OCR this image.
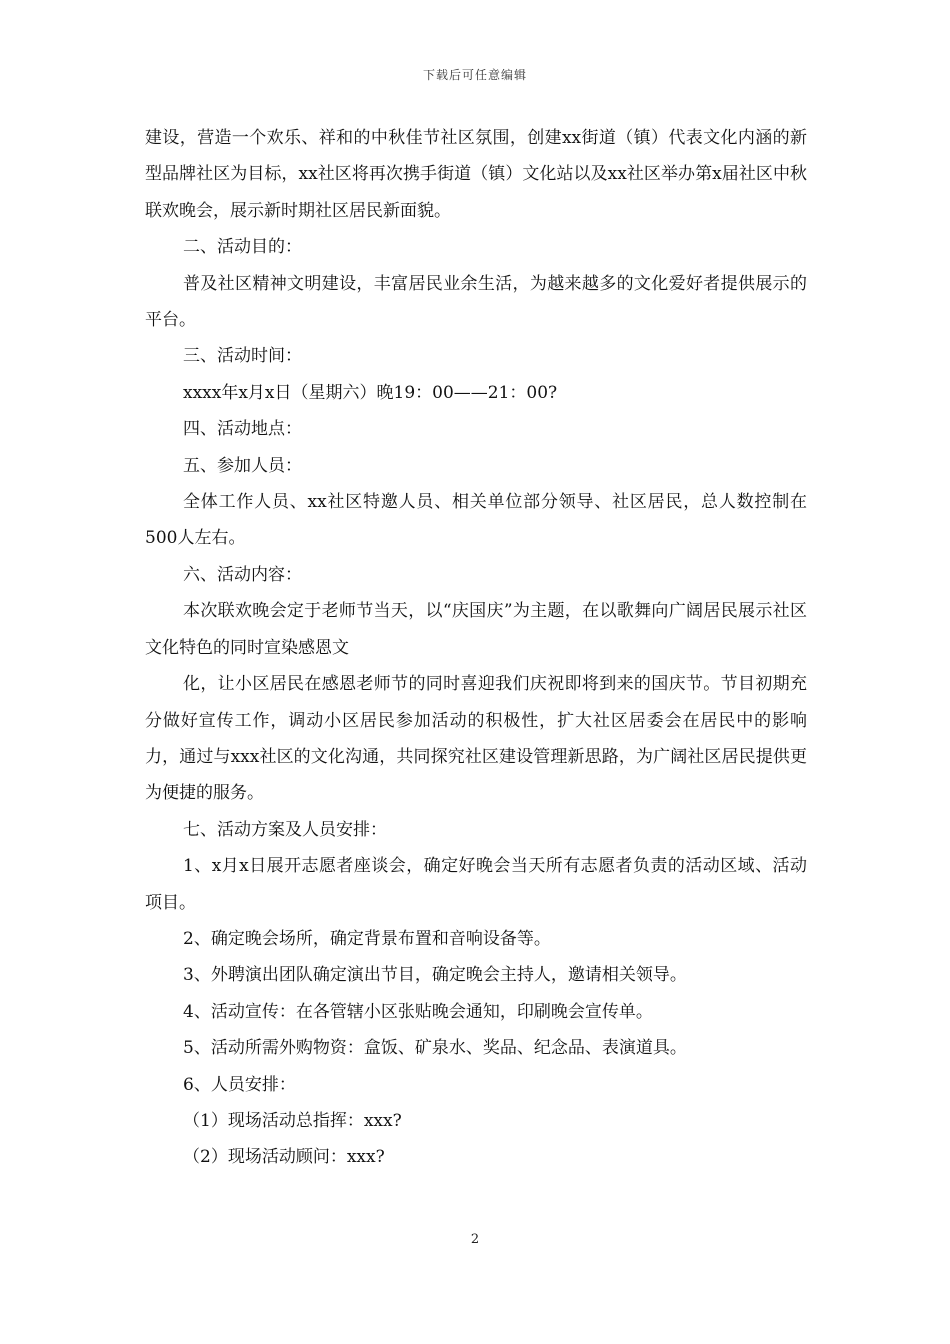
下载后可任意编辑

建设，营造一个欢乐、祥和的中秋佳节社区氛围，创建xx街道（镇）代表文化内涵的新型品牌社区为目标，xx社区将再次携手街道（镇）文化站以及xx社区举办第x届社区中秋联欢晚会，展示新时期社区居民新面貌。

二、活动目的：

普及社区精神文明建设，丰富居民业余生活，为越来越多的文化爱好者提供展示的平台。

三、活动时间：

xxxx年x月x日（星期六）晚19：00——21：00?

四、活动地点：

五、参加人员：

全体工作人员、xx社区特邀人员、相关单位部分领导、社区居民，总人数控制在500人左右。

六、活动内容：

本次联欢晚会定于老师节当天，以“庆国庆”为主题，在以歌舞向广阔居民展示社区文化特色的同时宣染感恩文

化，让小区居民在感恩老师节的同时喜迎我们庆祝即将到来的国庆节。节目初期充分做好宣传工作，调动小区居民参加活动的积极性，扩大社区居委会在居民中的影响力，通过与xxx社区的文化沟通，共同探究社区建设管理新思路，为广阔社区居民提供更为便捷的服务。

七、活动方案及人员安排：

1、x月x日展开志愿者座谈会，确定好晚会当天所有志愿者负责的活动区域、活动项目。

2、确定晚会场所，确定背景布置和音响设备等。

3、外聘演出团队确定演出节目，确定晚会主持人，邀请相关领导。

4、活动宣传：在各管辖小区张贴晚会通知，印刷晚会宣传单。

5、活动所需外购物资：盒饭、矿泉水、奖品、纪念品、表演道具。

6、人员安排：

（1）现场活动总指挥：xxx?

（2）现场活动顾问：xxx?

2
